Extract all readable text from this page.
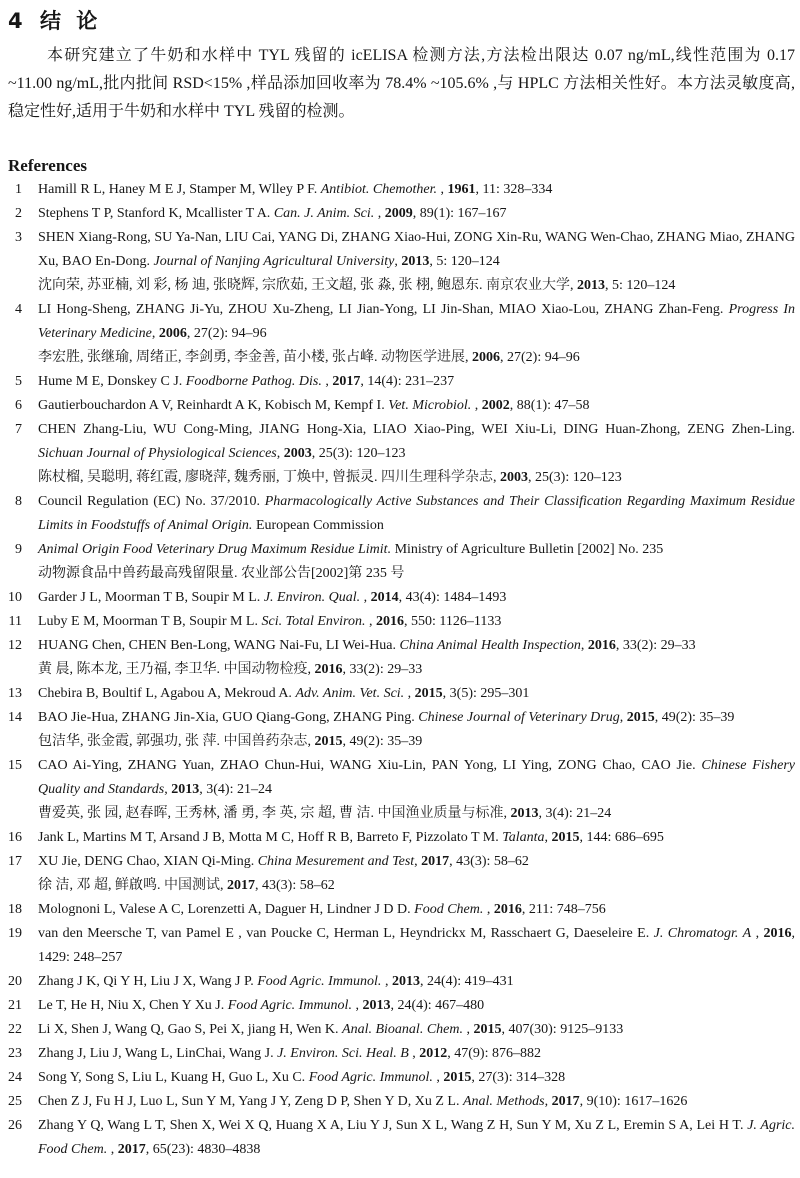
4 结 论

本研究建立了牛奶和水样中 TYL 残留的 icELISA 检测方法,方法检出限达 0.07 ng/mL,线性范围为 0.17 ~11.00 ng/mL,批内批间 RSD<15% ,样品添加回收率为 78.4% ~105.6% ,与 HPLC 方法相关性好。本方法灵敏度高,稳定性好,适用于牛奶和水样中 TYL 残留的检测。

References
1 Hamill R L, Haney M E J, Stamper M, Wlley P F. Antibiot. Chemother. , 1961, 11: 328–334
2 Stephens T P, Stanford K, Mcallister T A. Can. J. Anim. Sci. , 2009, 89(1): 167–167
3 SHEN Xiang-Rong, SU Ya-Nan, LIU Cai, YANG Di, ZHANG Xiao-Hui, ZONG Xin-Ru, WANG Wen-Chao, ZHANG Miao, ZHANG Xu, BAO En-Dong. Journal of Nanjing Agricultural University, 2013, 5: 120–124
沈向荣, 苏亚楠, 刘 彩, 杨 迪, 张晓辉, 宗欣茹, 王文超, 张 淼, 张 栩, 鲍恩东. 南京农业大学, 2013, 5: 120–124
4 LI Hong-Sheng, ZHANG Ji-Yu, ZHOU Xu-Zheng, LI Jian-Yong, LI Jin-Shan, MIAO Xiao-Lou, ZHANG Zhan-Feng. Progress In Veterinary Medicine, 2006, 27(2): 94–96
李宏胜, 张继瑜, 周绪正, 李剑勇, 李金善, 苗小楼, 张占峰. 动物医学进展, 2006, 27(2): 94–96
5 Hume M E, Donskey C J. Foodborne Pathog. Dis. , 2017, 14(4): 231–237
6 Gautierbouchardon A V, Reinhardt A K, Kobisch M, Kempf I. Vet. Microbiol. , 2002, 88(1): 47–58
7 CHEN Zhang-Liu, WU Cong-Ming, JIANG Hong-Xia, LIAO Xiao-Ping, WEI Xiu-Li, DING Huan-Zhong, ZENG Zhen-Ling. Sichuan Journal of Physiological Sciences, 2003, 25(3): 120–123
陈杖榴, 吴聪明, 蒋红霞, 廖晓萍, 魏秀丽, 丁焕中, 曾振灵. 四川生理科学杂志, 2003, 25(3): 120–123
8 Council Regulation (EC) No. 37/2010. Pharmacologically Active Substances and Their Classification Regarding Maximum Residue Limits in Foodstuffs of Animal Origin. European Commission
9 Animal Origin Food Veterinary Drug Maximum Residue Limit. Ministry of Agriculture Bulletin [2002] No. 235
动物源食品中兽药最高残留限量. 农业部公告[2002]第 235 号
10 Garder J L, Moorman T B, Soupir M L. J. Environ. Qual. , 2014, 43(4): 1484–1493
11 Luby E M, Moorman T B, Soupir M L. Sci. Total Environ. , 2016, 550: 1126–1133
12 HUANG Chen, CHEN Ben-Long, WANG Nai-Fu, LI Wei-Hua. China Animal Health Inspection, 2016, 33(2): 29–33
黄 晨, 陈本龙, 王乃福, 李卫华. 中国动物检疫, 2016, 33(2): 29–33
13 Chebira B, Boultif L, Agabou A, Mekroud A. Adv. Anim. Vet. Sci. , 2015, 3(5): 295–301
14 BAO Jie-Hua, ZHANG Jin-Xia, GUO Qiang-Gong, ZHANG Ping. Chinese Journal of Veterinary Drug, 2015, 49(2): 35–39
包洁华, 张金霞, 郭强功, 张 萍. 中国兽药杂志, 2015, 49(2): 35–39
15 CAO Ai-Ying, ZHANG Yuan, ZHAO Chun-Hui, WANG Xiu-Lin, PAN Yong, LI Ying, ZONG Chao, CAO Jie. Chinese Fishery Quality and Standards, 2013, 3(4): 21–24
曹爱英, 张 园, 赵春晖, 王秀林, 潘 勇, 李 英, 宗 超, 曹 洁. 中国渔业质量与标准, 2013, 3(4): 21–24
16 Jank L, Martins M T, Arsand J B, Motta M C, Hoff R B, Barreto F, Pizzolato T M. Talanta, 2015, 144: 686–695
17 XU Jie, DENG Chao, XIAN Qi-Ming. China Mesurement and Test, 2017, 43(3): 58–62
徐 洁, 邓 超, 鲜啟鸣. 中国测试, 2017, 43(3): 58–62
18 Molognoni L, Valese A C, Lorenzetti A, Daguer H, Lindner J D D. Food Chem. , 2016, 211: 748–756
19 van den Meersche T, van Pamel E , van Poucke C, Herman L, Heyndrickx M, Rasschaert G, Daeseleire E. J. Chromatogr. A , 2016, 1429: 248–257
20 Zhang J K, Qi Y H, Liu J X, Wang J P. Food Agric. Immunol. , 2013, 24(4): 419–431
21 Le T, He H, Niu X, Chen Y Xu J. Food Agric. Immunol. , 2013, 24(4): 467–480
22 Li X, Shen J, Wang Q, Gao S, Pei X, jiang H, Wen K. Anal. Bioanal. Chem. , 2015, 407(30): 9125–9133
23 Zhang J, Liu J, Wang L, LinChai, Wang J. J. Environ. Sci. Heal. B , 2012, 47(9): 876–882
24 Song Y, Song S, Liu L, Kuang H, Guo L, Xu C. Food Agric. Immunol. , 2015, 27(3): 314–328
25 Chen Z J, Fu H J, Luo L, Sun Y M, Yang J Y, Zeng D P, Shen Y D, Xu Z L. Anal. Methods, 2017, 9(10): 1617–1626
26 Zhang Y Q, Wang L T, Shen X, Wei X Q, Huang X A, Liu Y J, Sun X L, Wang Z H, Sun Y M, Xu Z L, Eremin S A, Lei H T. J. Agric. Food Chem. , 2017, 65(23): 4830–4838
